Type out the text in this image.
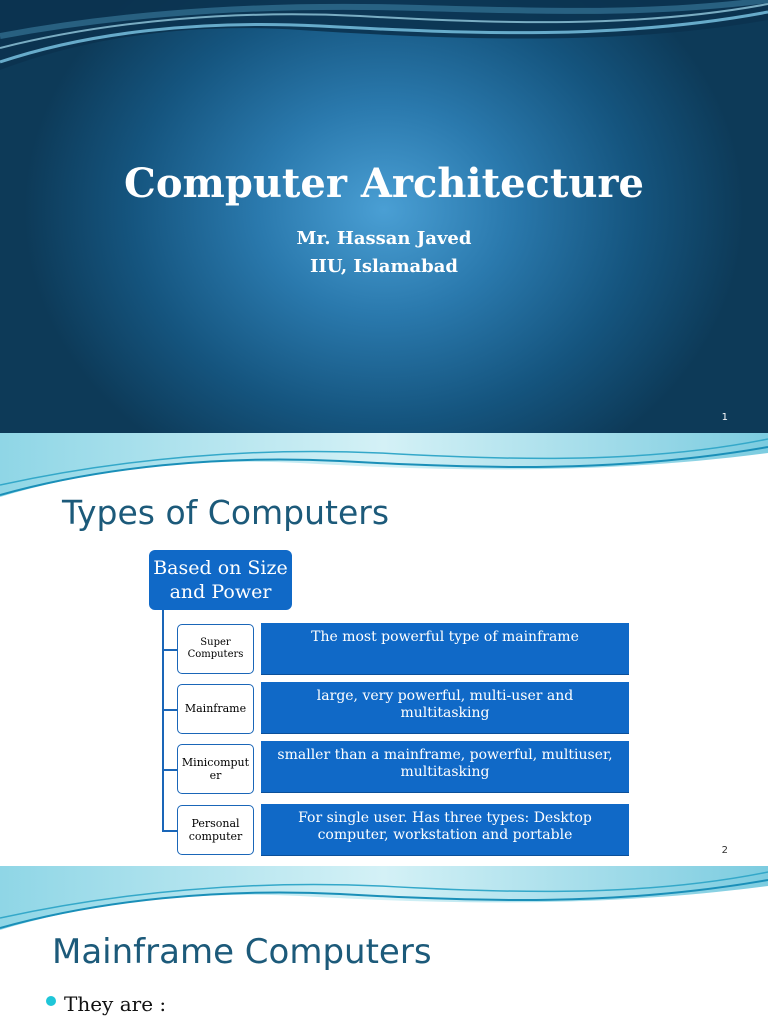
Computer Architecture
Mr. Hassan Javed
IIU, Islamabad
1
Types of Computers
Based on Size and Power
Super Computers
Mainframe
Minicomputer
Personal computer
The most powerful type of mainframe
large, very powerful, multi-user and multitasking
smaller than a mainframe, powerful, multiuser, multitasking
For single user. Has three types: Desktop computer, workstation and portable
2
Mainframe Computers
They are :
